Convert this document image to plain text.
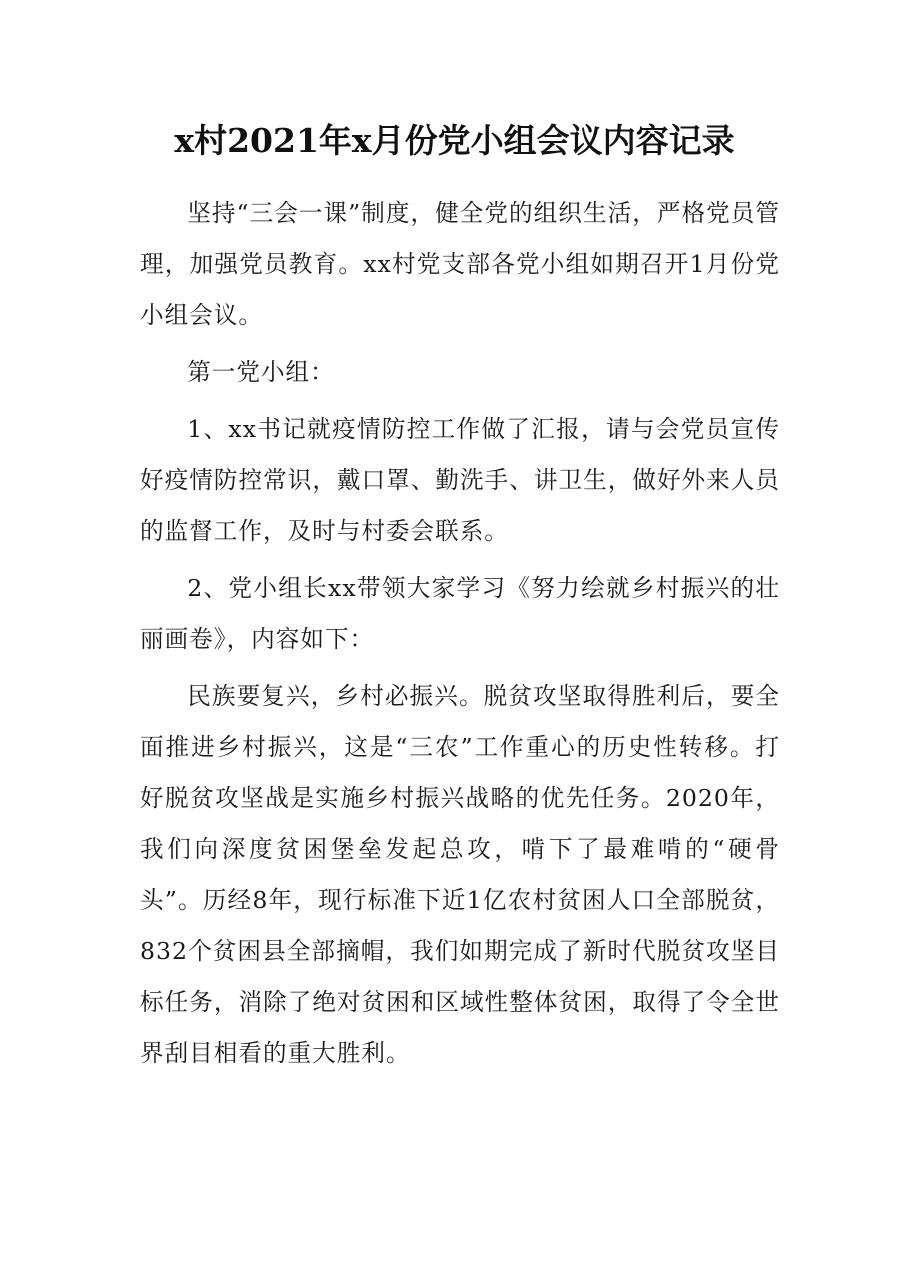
x村2021年x月份党小组会议内容记录

坚持“三会一课”制度，健全党的组织生活，严格党员管理，加强党员教育。xx村党支部各党小组如期召开1月份党小组会议。

第一党小组：

1、xx书记就疫情防控工作做了汇报，请与会党员宣传好疫情防控常识，戴口罩、勤洗手、讲卫生，做好外来人员的监督工作，及时与村委会联系。

2、党小组长xx带领大家学习《努力绘就乡村振兴的壮丽画卷》，内容如下：

民族要复兴，乡村必振兴。脱贫攻坚取得胜利后，要全面推进乡村振兴，这是“三农”工作重心的历史性转移。打好脱贫攻坚战是实施乡村振兴战略的优先任务。2020年，我们向深度贫困堡垒发起总攻，啃下了最难啃的“硬骨头”。历经8年，现行标准下近1亿农村贫困人口全部脱贫，832个贫困县全部摘帽，我们如期完成了新时代脱贫攻坚目标任务，消除了绝对贫困和区域性整体贫困，取得了令全世界刮目相看的重大胜利。
